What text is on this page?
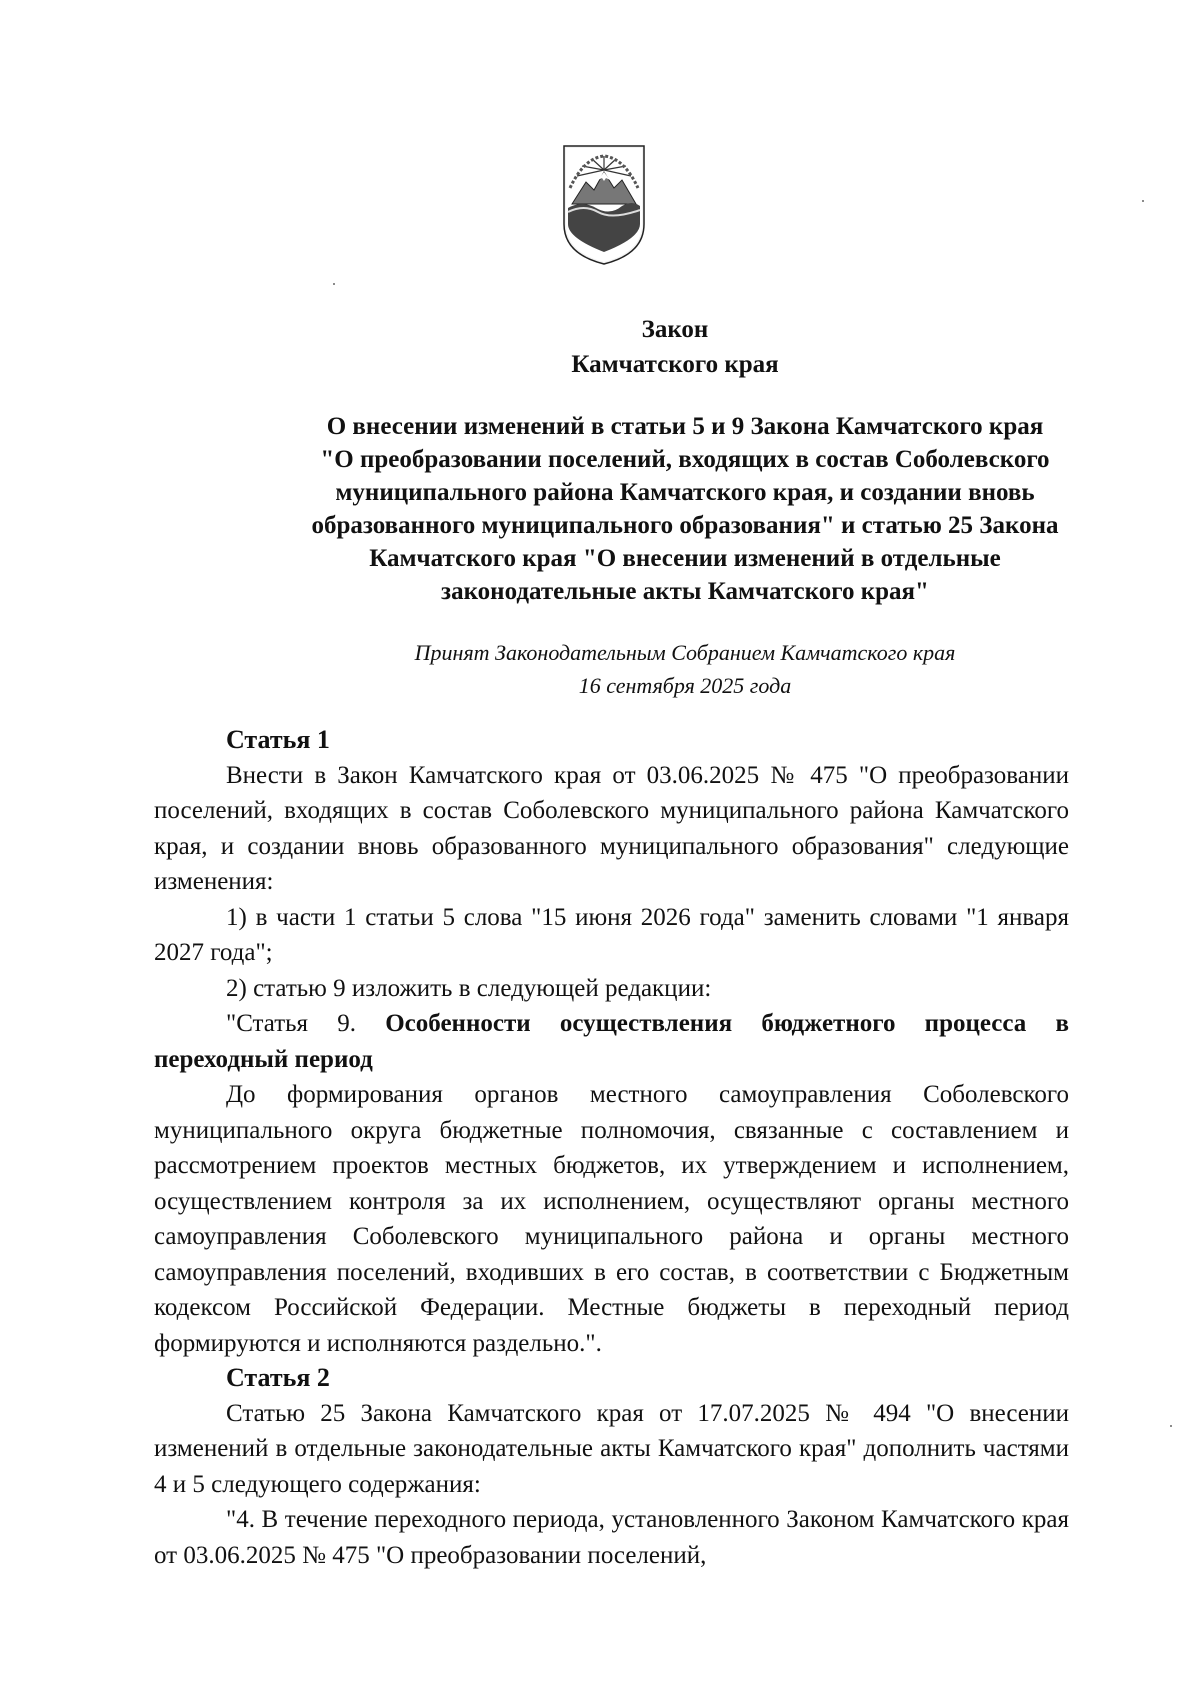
Закон
Камчатского края
О внесении изменений в статьи 5 и 9 Закона Камчатского края
"О преобразовании поселений, входящих в состав Соболевского
муниципального района Камчатского края, и создании вновь
образованного муниципального образования" и статью 25 Закона
Камчатского края "О внесении изменений в отдельные
законодательные акты Камчатского края"
Принят Законодательным Собранием Камчатского края
16 сентября 2025 года

Статья 1

Внести в Закон Камчатского края от 03.06.2025 № 475 "О преобразовании поселений, входящих в состав Соболевского муниципального района Камчатского края, и создании вновь образованного муниципального образования" следующие изменения:

1) в части 1 статьи 5 слова "15 июня 2026 года" заменить словами "1 января 2027 года";

2) статью 9 изложить в следующей редакции:

"Статья 9. Особенности осуществления бюджетного процесса в переходный период

До формирования органов местного самоуправления Соболевского муниципального округа бюджетные полномочия, связанные с составлением и рассмотрением проектов местных бюджетов, их утверждением и исполнением, осуществлением контроля за их исполнением, осуществляют органы местного самоуправления Соболевского муниципального района и органы местного самоуправления поселений, входивших в его состав, в соответствии с Бюджетным кодексом Российской Федерации. Местные бюджеты в переходный период формируются и исполняются раздельно.".

Статья 2

Статью 25 Закона Камчатского края от 17.07.2025 № 494 "О внесении изменений в отдельные законодательные акты Камчатского края" дополнить частями 4 и 5 следующего содержания:

"4. В течение переходного периода, установленного Законом Камчатского края от 03.06.2025 № 475 "О преобразовании поселений,
